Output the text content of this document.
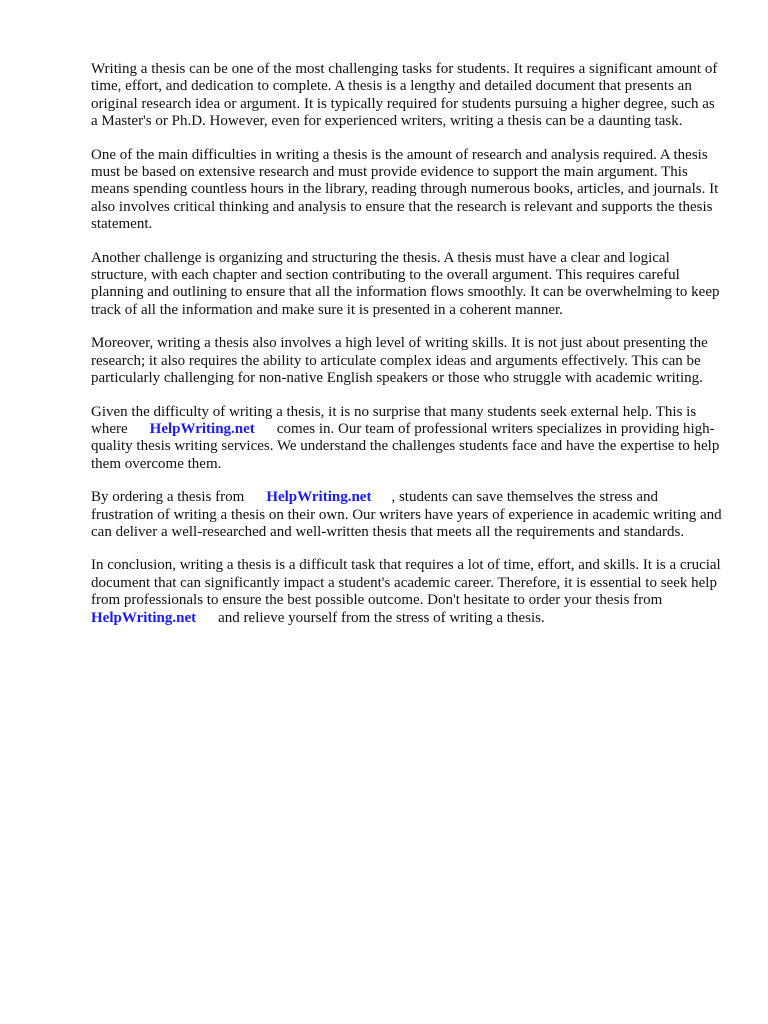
Writing a thesis can be one of the most challenging tasks for students. It requires a significant amount of time, effort, and dedication to complete. A thesis is a lengthy and detailed document that presents an original research idea or argument. It is typically required for students pursuing a higher degree, such as a Master's or Ph.D. However, even for experienced writers, writing a thesis can be a daunting task.

One of the main difficulties in writing a thesis is the amount of research and analysis required. A thesis must be based on extensive research and must provide evidence to support the main argument. This means spending countless hours in the library, reading through numerous books, articles, and journals. It also involves critical thinking and analysis to ensure that the research is relevant and supports the thesis statement.

Another challenge is organizing and structuring the thesis. A thesis must have a clear and logical structure, with each chapter and section contributing to the overall argument. This requires careful planning and outlining to ensure that all the information flows smoothly. It can be overwhelming to keep track of all the information and make sure it is presented in a coherent manner.

Moreover, writing a thesis also involves a high level of writing skills. It is not just about presenting the research; it also requires the ability to articulate complex ideas and arguments effectively. This can be particularly challenging for non-native English speakers or those who struggle with academic writing.

Given the difficulty of writing a thesis, it is no surprise that many students seek external help. This is where HelpWriting.net comes in. Our team of professional writers specializes in providing high-quality thesis writing services. We understand the challenges students face and have the expertise to help them overcome them.

By ordering a thesis from HelpWriting.net , students can save themselves the stress and frustration of writing a thesis on their own. Our writers have years of experience in academic writing and can deliver a well-researched and well-written thesis that meets all the requirements and standards.

In conclusion, writing a thesis is a difficult task that requires a lot of time, effort, and skills. It is a crucial document that can significantly impact a student's academic career. Therefore, it is essential to seek help from professionals to ensure the best possible outcome. Don't hesitate to order your thesis fromHelpWriting.net and relieve yourself from the stress of writing a thesis.
